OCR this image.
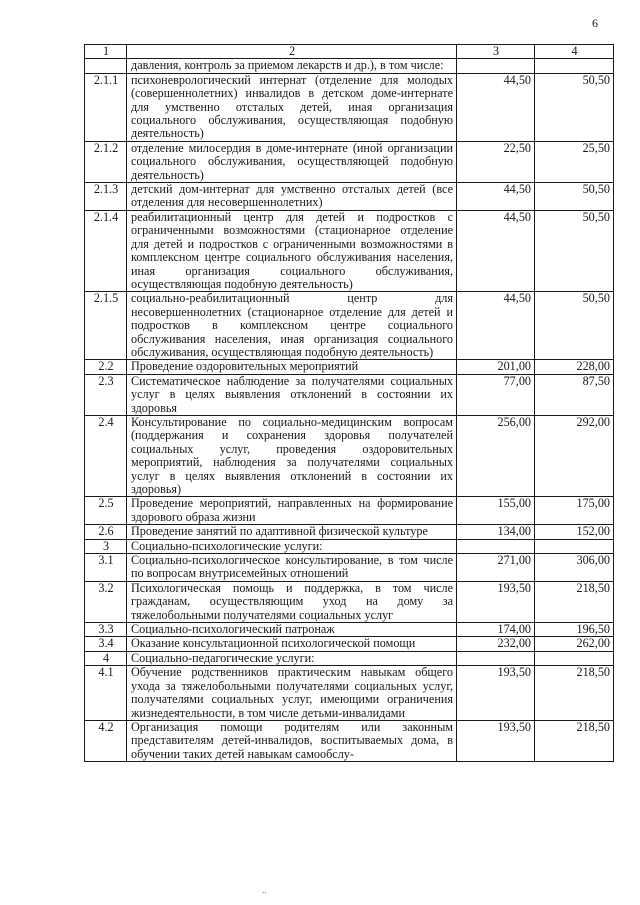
6
1	2	3	4
	давления, контроль за приемом лекарств и др.), в том числе:		
2.1.1	психоневрологический интернат (отделение для молодых (совершеннолетних) инвалидов в детском доме-интернате для умственно отсталых детей, иная организация социального обслуживания, осуществляющая подобную деятельность)	44,50	50,50
2.1.2	отделение милосердия в доме-интернате (иной организации социального обслуживания, осуществляющей подобную деятельность)	22,50	25,50
2.1.3	детский дом-интернат для умственно отсталых детей (все отделения для несовершеннолетних)	44,50	50,50
2.1.4	реабилитационный центр для детей и подростков с ограниченными возможностями (стационарное отделение для детей и подростков с ограниченными возможностями в комплексном центре социального обслуживания населения, иная организация социального обслуживания, осуществляющая подобную деятельность)	44,50	50,50
2.1.5	социально-реабилитационный центр для несовершеннолетних (стационарное отделение для детей и подростков в комплексном центре социального обслуживания населения, иная организация социального обслуживания, осуществляющая подобную деятельность)	44,50	50,50
2.2	Проведение оздоровительных мероприятий	201,00	228,00
2.3	Систематическое наблюдение за получателями социальных услуг в целях выявления отклонений в состоянии их здоровья	77,00	87,50
2.4	Консультирование по социально-медицинским вопросам (поддержания и сохранения здоровья получателей социальных услуг, проведения оздоровительных мероприятий, наблюдения за получателями социальных услуг в целях выявления отклонений в состоянии их здоровья)	256,00	292,00
2.5	Проведение мероприятий, направленных на формирование здорового образа жизни	155,00	175,00
2.6	Проведение занятий по адаптивной физической культуре	134,00	152,00
3	Социально-психологические услуги:		
3.1	Социально-психологическое консультирование, в том числе по вопросам внутрисемейных отношений	271,00	306,00
3.2	Психологическая помощь и поддержка, в том числе гражданам, осуществляющим уход на дому за тяжелобольными получателями социальных услуг	193,50	218,50
3.3	Социально-психологический патронаж	174,00	196,50
3.4	Оказание консультационной психологической помощи	232,00	262,00
4	Социально-педагогические услуги:		
4.1	Обучение родственников практическим навыкам общего ухода за тяжелобольными получателями социальных услуг, получателями социальных услуг, имеющими ограничения жизнедеятельности, в том числе детьми-инвалидами	193,50	218,50
4.2	Организация помощи родителям или законным представителям детей-инвалидов, воспитываемых дома, в обучении таких детей навыкам самообслу-	193,50	218,50
..
